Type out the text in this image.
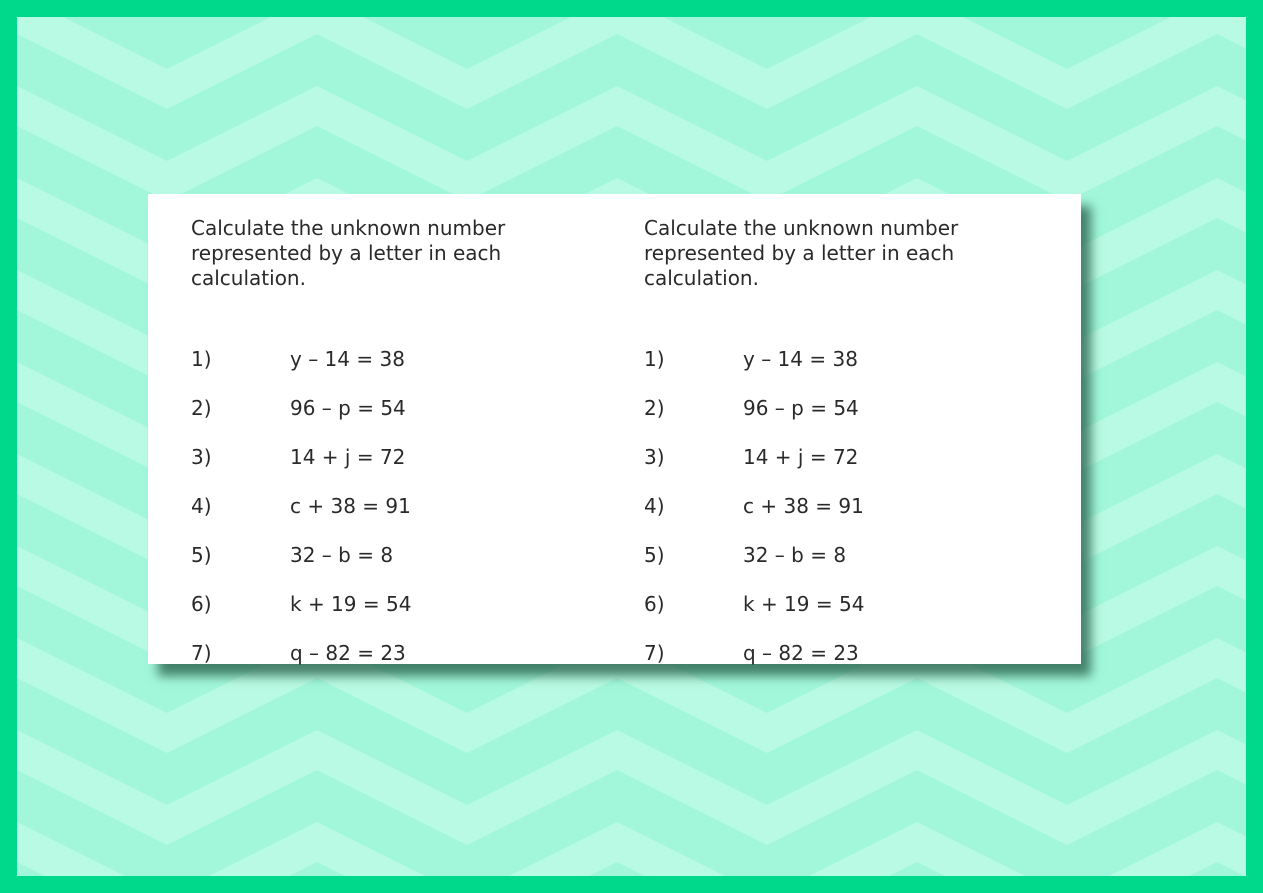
Calculate the unknown number
represented by a letter in each
calculation.
1)	y – 14 = 38
2)	96 – p = 54
3)	14 + j = 72
4)	c + 38 = 91
5)	32 – b = 8
6)	k + 19 = 54
7)	q – 82 = 23
Calculate the unknown number
represented by a letter in each
calculation.
1)	y – 14 = 38
2)	96 – p = 54
3)	14 + j = 72
4)	c + 38 = 91
5)	32 – b = 8
6)	k + 19 = 54
7)	q – 82 = 23
